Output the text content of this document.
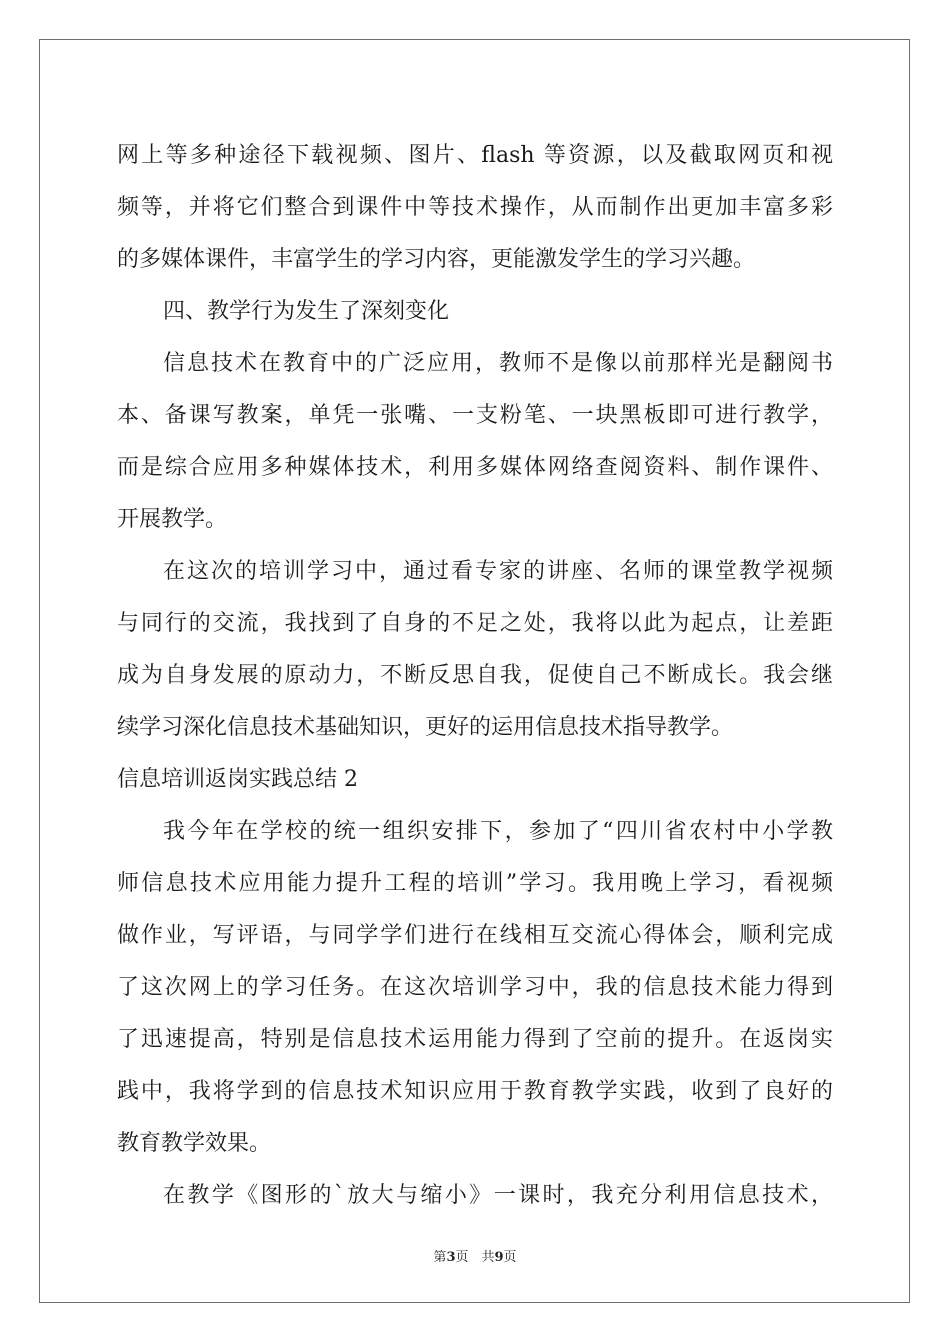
网上等多种途径下载视频、图片、flash 等资源，以及截取网页和视
频等，并将它们整合到课件中等技术操作，从而制作出更加丰富多彩
的多媒体课件，丰富学生的学习内容，更能激发学生的学习兴趣。
四、教学行为发生了深刻变化
信息技术在教育中的广泛应用，教师不是像以前那样光是翻阅书
本、备课写教案，单凭一张嘴、一支粉笔、一块黑板即可进行教学，
而是综合应用多种媒体技术，利用多媒体网络查阅资料、制作课件、
开展教学。
在这次的培训学习中，通过看专家的讲座、名师的课堂教学视频
与同行的交流，我找到了自身的不足之处，我将以此为起点，让差距
成为自身发展的原动力，不断反思自我，促使自己不断成长。我会继
续学习深化信息技术基础知识，更好的运用信息技术指导教学。
信息培训返岗实践总结 2
我今年在学校的统一组织安排下，参加了“四川省农村中小学教
师信息技术应用能力提升工程的培训”学习。我用晚上学习，看视频
做作业，写评语，与同学学们进行在线相互交流心得体会，顺利完成
了这次网上的学习任务。在这次培训学习中，我的信息技术能力得到
了迅速提高，特别是信息技术运用能力得到了空前的提升。在返岗实
践中，我将学到的信息技术知识应用于教育教学实践，收到了良好的
教育教学效果。
在教学《图形的`放大与缩小》一课时，我充分利用信息技术，
第3页　共9页
